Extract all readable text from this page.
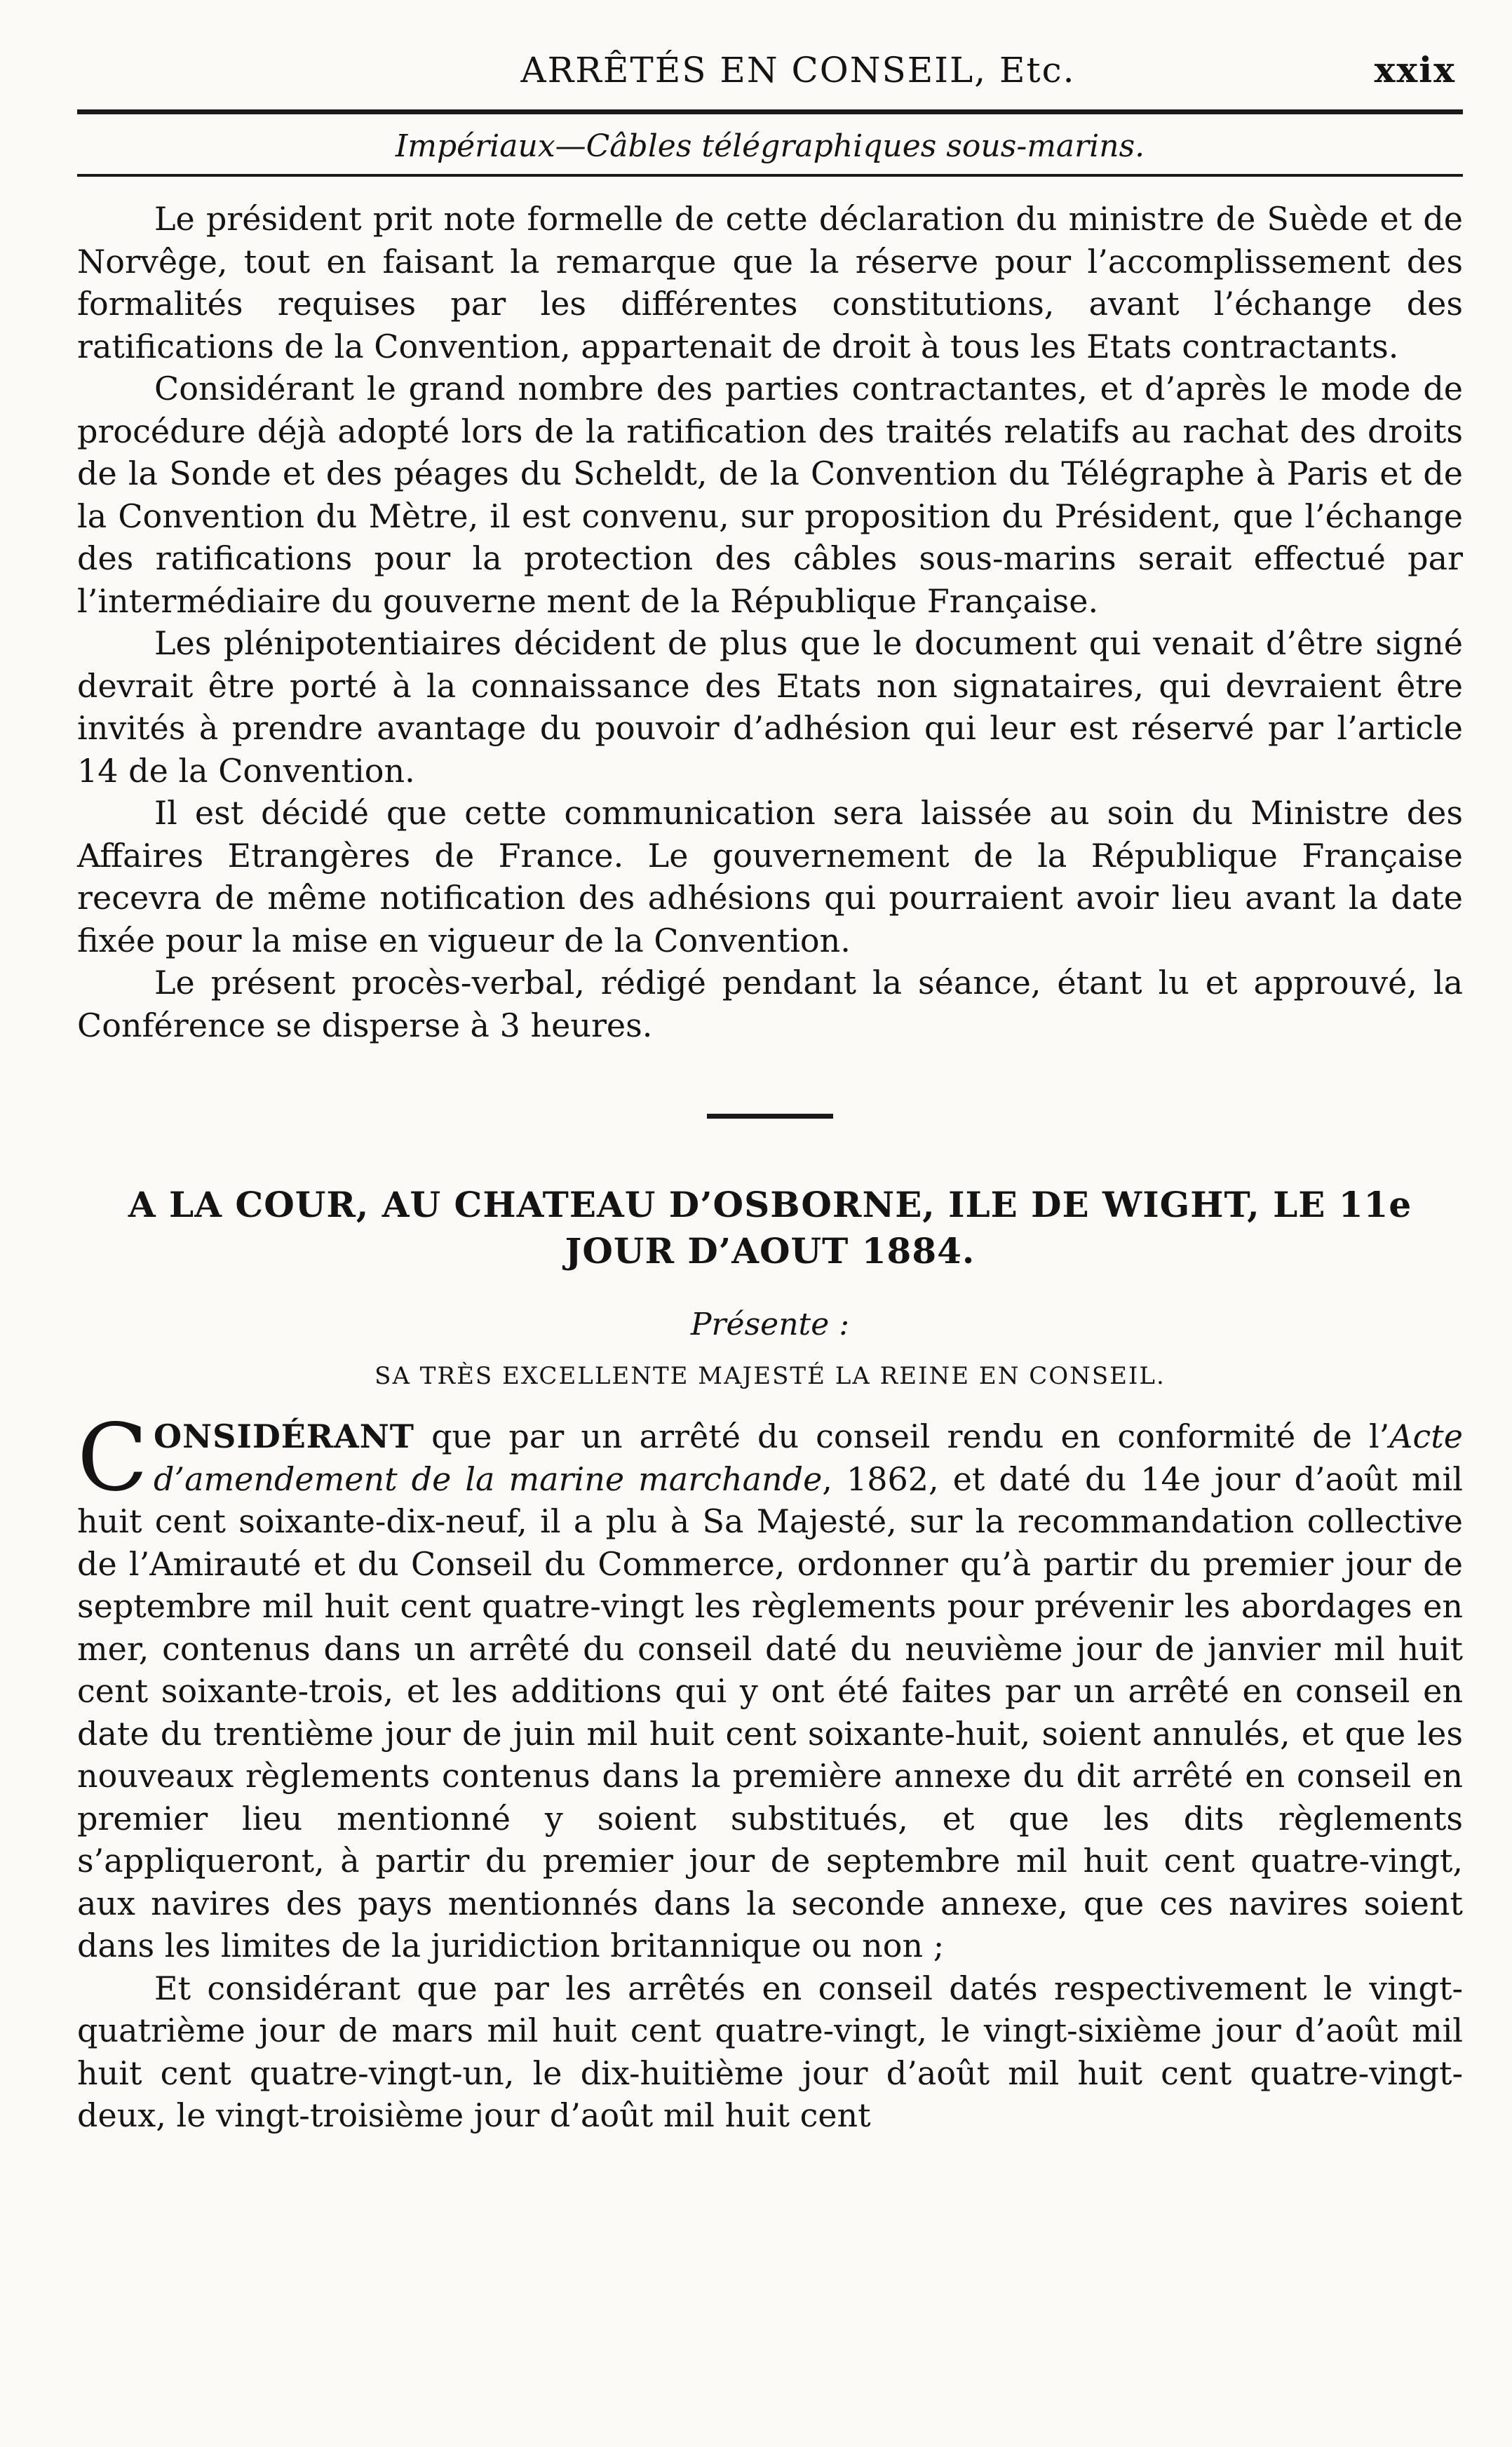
ARRÊTÉS EN CONSEIL, Etc.	xxix
Impériaux—Câbles télégraphiques sous-marins.

Le président prit note formelle de cette déclaration du ministre de Suède et de Norvêge, tout en faisant la remarque que la réserve pour l’accomplissement des formalités requises par les différentes constitutions, avant l’échange des ratifications de la Convention, appartenait de droit à tous les Etats contractants.

Considérant le grand nombre des parties contractantes, et d’après le mode de procédure déjà adopté lors de la ratification des traités relatifs au rachat des droits de la Sonde et des péages du Scheldt, de la Convention du Télégraphe à Paris et de la Convention du Mètre, il est convenu, sur proposition du Président, que l’échange des ratifications pour la protection des câbles sous-marins serait effectué par l’intermédiaire du gouverne ment de la République Française.

Les plénipotentiaires décident de plus que le document qui venait d’être signé devrait être porté à la connaissance des Etats non signataires, qui devraient être invités à prendre avantage du pouvoir d’adhésion qui leur est réservé par l’article 14 de la Convention.

Il est décidé que cette communication sera laissée au soin du Ministre des Affaires Etrangères de France. Le gouvernement de la République Française recevra de même notification des adhésions qui pourraient avoir lieu avant la date fixée pour la mise en vigueur de la Convention.

Le présent procès-verbal, rédigé pendant la séance, étant lu et approuvé, la Conférence se disperse à 3 heures.

A LA COUR, AU CHATEAU D’OSBORNE, ILE DE WIGHT, LE 11e
JOUR D’AOUT 1884.
Présente :
SA TRÈS EXCELLENTE MAJESTÉ LA REINE EN CONSEIL.

CONSIDÉRANT que par un arrêté du conseil rendu en conformité de l’Acte d’amendement de la marine marchande, 1862, et daté du 14e jour d’août mil huit cent soixante-dix-neuf, il a plu à Sa Majesté, sur la recommandation collective de l’Amirauté et du Conseil du Commerce, ordonner qu’à partir du premier jour de septembre mil huit cent quatre-vingt les règlements pour prévenir les abordages en mer, contenus dans un arrêté du conseil daté du neuvième jour de janvier mil huit cent soixante-trois, et les additions qui y ont été faites par un arrêté en conseil en date du trentième jour de juin mil huit cent soixante-huit, soient annulés, et que les nouveaux règlements contenus dans la première annexe du dit arrêté en conseil en premier lieu mentionné y soient substitués, et que les dits règlements s’appliqueront, à partir du premier jour de septembre mil huit cent quatre-vingt, aux navires des pays mentionnés dans la seconde annexe, que ces navires soient dans les limites de la juridiction britannique ou non ;

Et considérant que par les arrêtés en conseil datés respectivement le vingt-quatrième jour de mars mil huit cent quatre-vingt, le vingt-sixième jour d’août mil huit cent quatre-vingt-un, le dix-huitième jour d’août mil huit cent quatre-vingt-deux, le vingt-troisième jour d’août mil huit cent
